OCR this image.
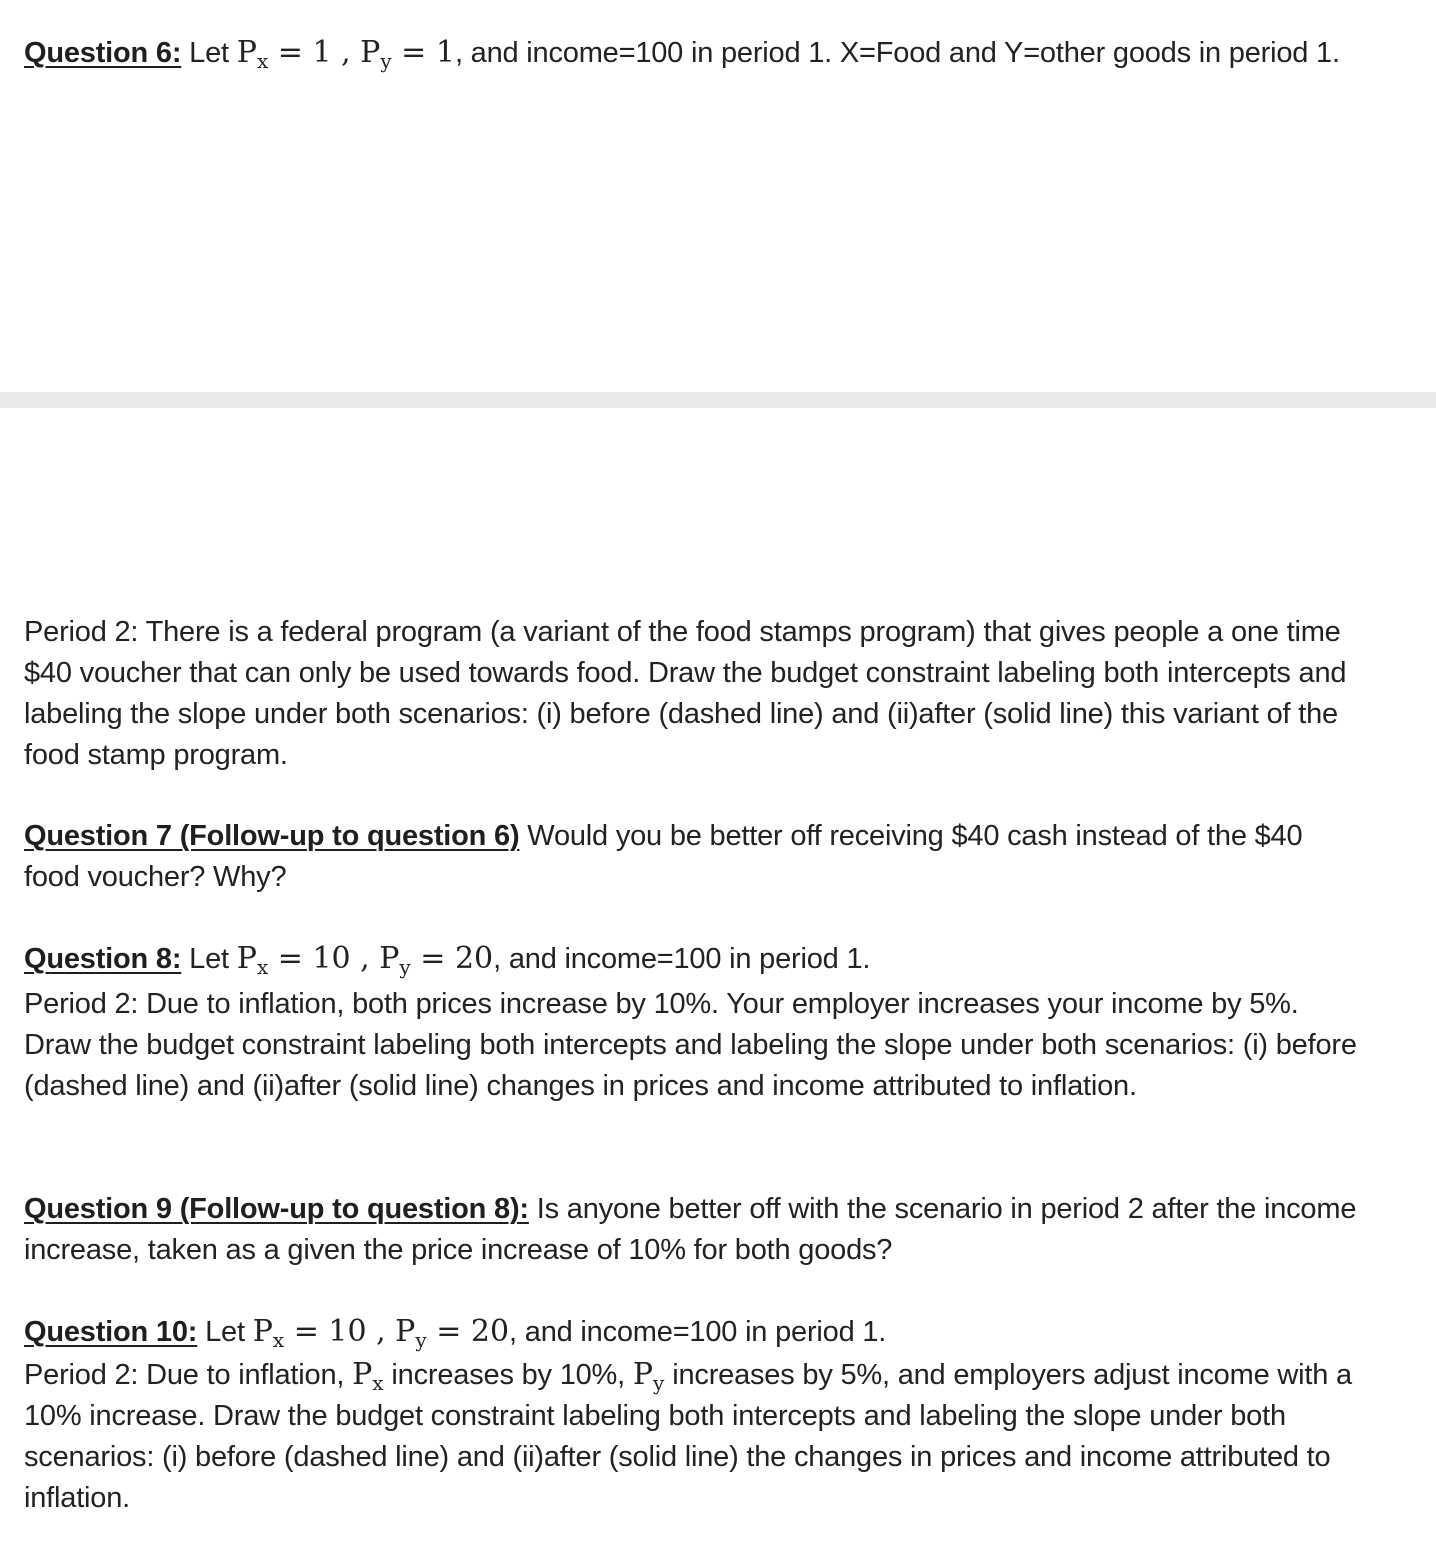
Question 6: Let $P_x = 1$ , $P_y = 1$, and income=100 in period 1. X=Food and Y=other goods in period 1.
Period 2: There is a federal program (a variant of the food stamps program) that gives people a one time $40 voucher that can only be used towards food. Draw the budget constraint labeling both intercepts and labeling the slope under both scenarios: (i) before (dashed line) and (ii)after (solid line) this variant of the food stamp program.
Question 7 (Follow-up to question 6) Would you be better off receiving $40 cash instead of the $40 food voucher? Why?
Question 8: Let $P_x = 10$ , $P_y = 20$, and income=100 in period 1.
Period 2: Due to inflation, both prices increase by 10%. Your employer increases your income by 5%. Draw the budget constraint labeling both intercepts and labeling the slope under both scenarios: (i) before (dashed line) and (ii)after (solid line) changes in prices and income attributed to inflation.
Question 9 (Follow-up to question 8): Is anyone better off with the scenario in period 2 after the income increase, taken as a given the price increase of 10% for both goods?
Question 10: Let $P_x = 10$ , $P_y = 20$, and income=100 in period 1.
Period 2: Due to inflation, $P_x$ increases by 10%, $P_y$ increases by 5%, and employers adjust income with a 10% increase. Draw the budget constraint labeling both intercepts and labeling the slope under both scenarios: (i) before (dashed line) and (ii)after (solid line) the changes in prices and income attributed to inflation.
